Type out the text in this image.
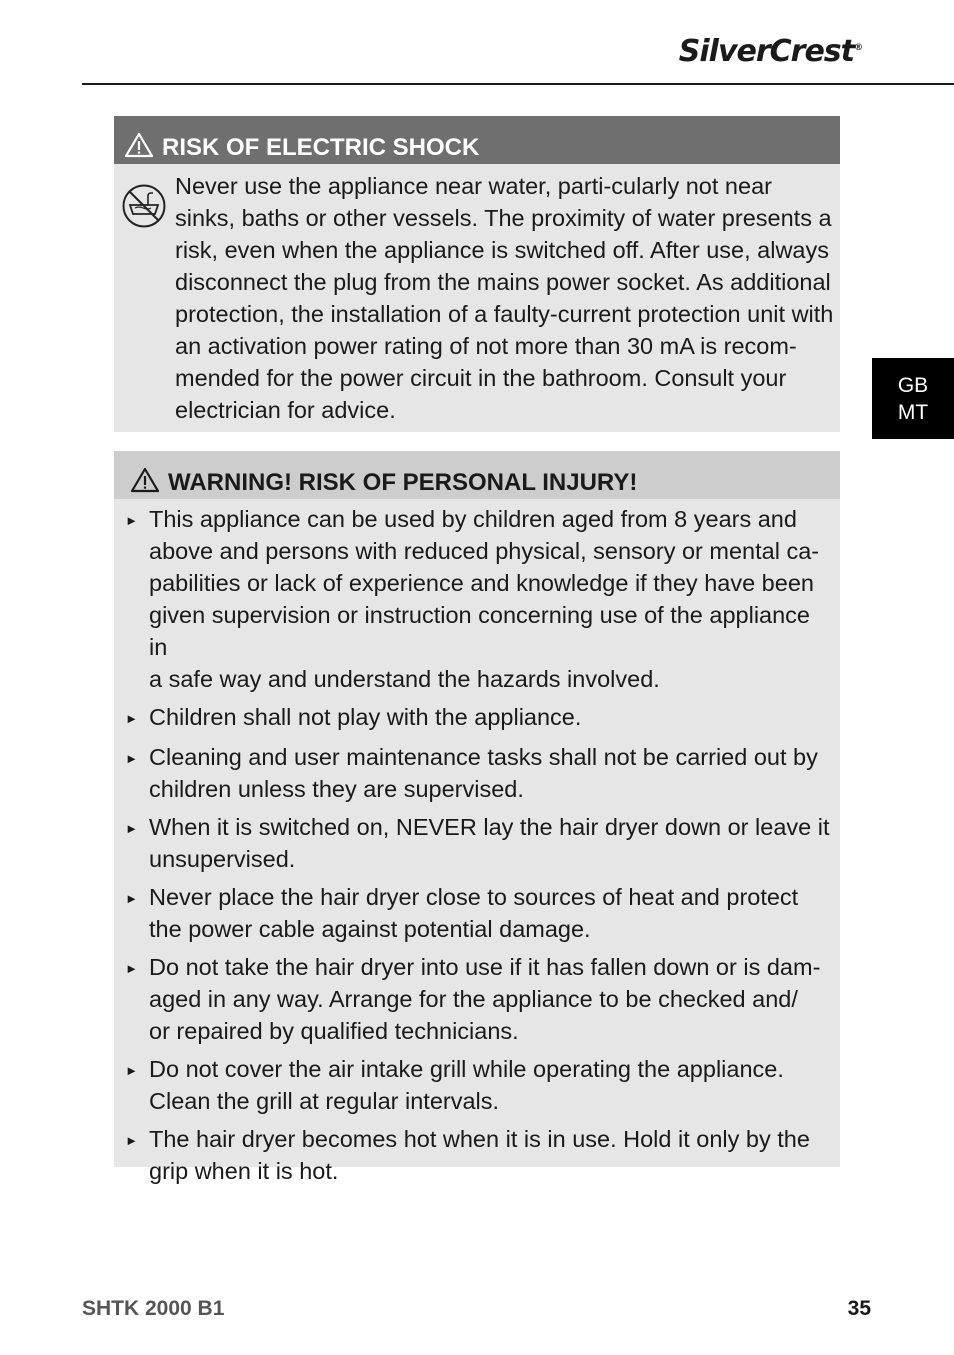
SilverCrest®
GB
MT
RISK OF ELECTRIC SHOCK
Never use the appliance near water, parti-cularly not near
sinks, baths or other vessels. The proximity of water presents a
risk, even when the appliance is switched off. After use, always
disconnect the plug from the mains power socket. As additional
protection, the installation of a faulty-current protection unit with
an activation power rating of not more than 30 mA is recom-
mended for the power circuit in the bathroom. Consult your
electrician for advice.
WARNING! RISK OF PERSONAL INJURY!
► This appliance can be used by children aged from 8 years and
above and persons with reduced physical, sensory or mental ca-
pabilities or lack of experience and knowledge if they have been
given supervision or instruction concerning use of the appliance in
a safe way and understand the hazards involved.
► Children shall not play with the appliance.
► Cleaning and user maintenance tasks shall not be carried out by
children unless they are supervised.
► When it is switched on, NEVER lay the hair dryer down or leave it
unsupervised.
► Never place the hair dryer close to sources of heat and protect
the power cable against potential damage.
► Do not take the hair dryer into use if it has fallen down or is dam-
aged in any way. Arrange for the appliance to be checked and/
or repaired by qualified technicians.
► Do not cover the air intake grill while operating the appliance.
Clean the grill at regular intervals.
► The hair dryer becomes hot when it is in use. Hold it only by the
grip when it is hot.
SHTK 2000 B1	35
